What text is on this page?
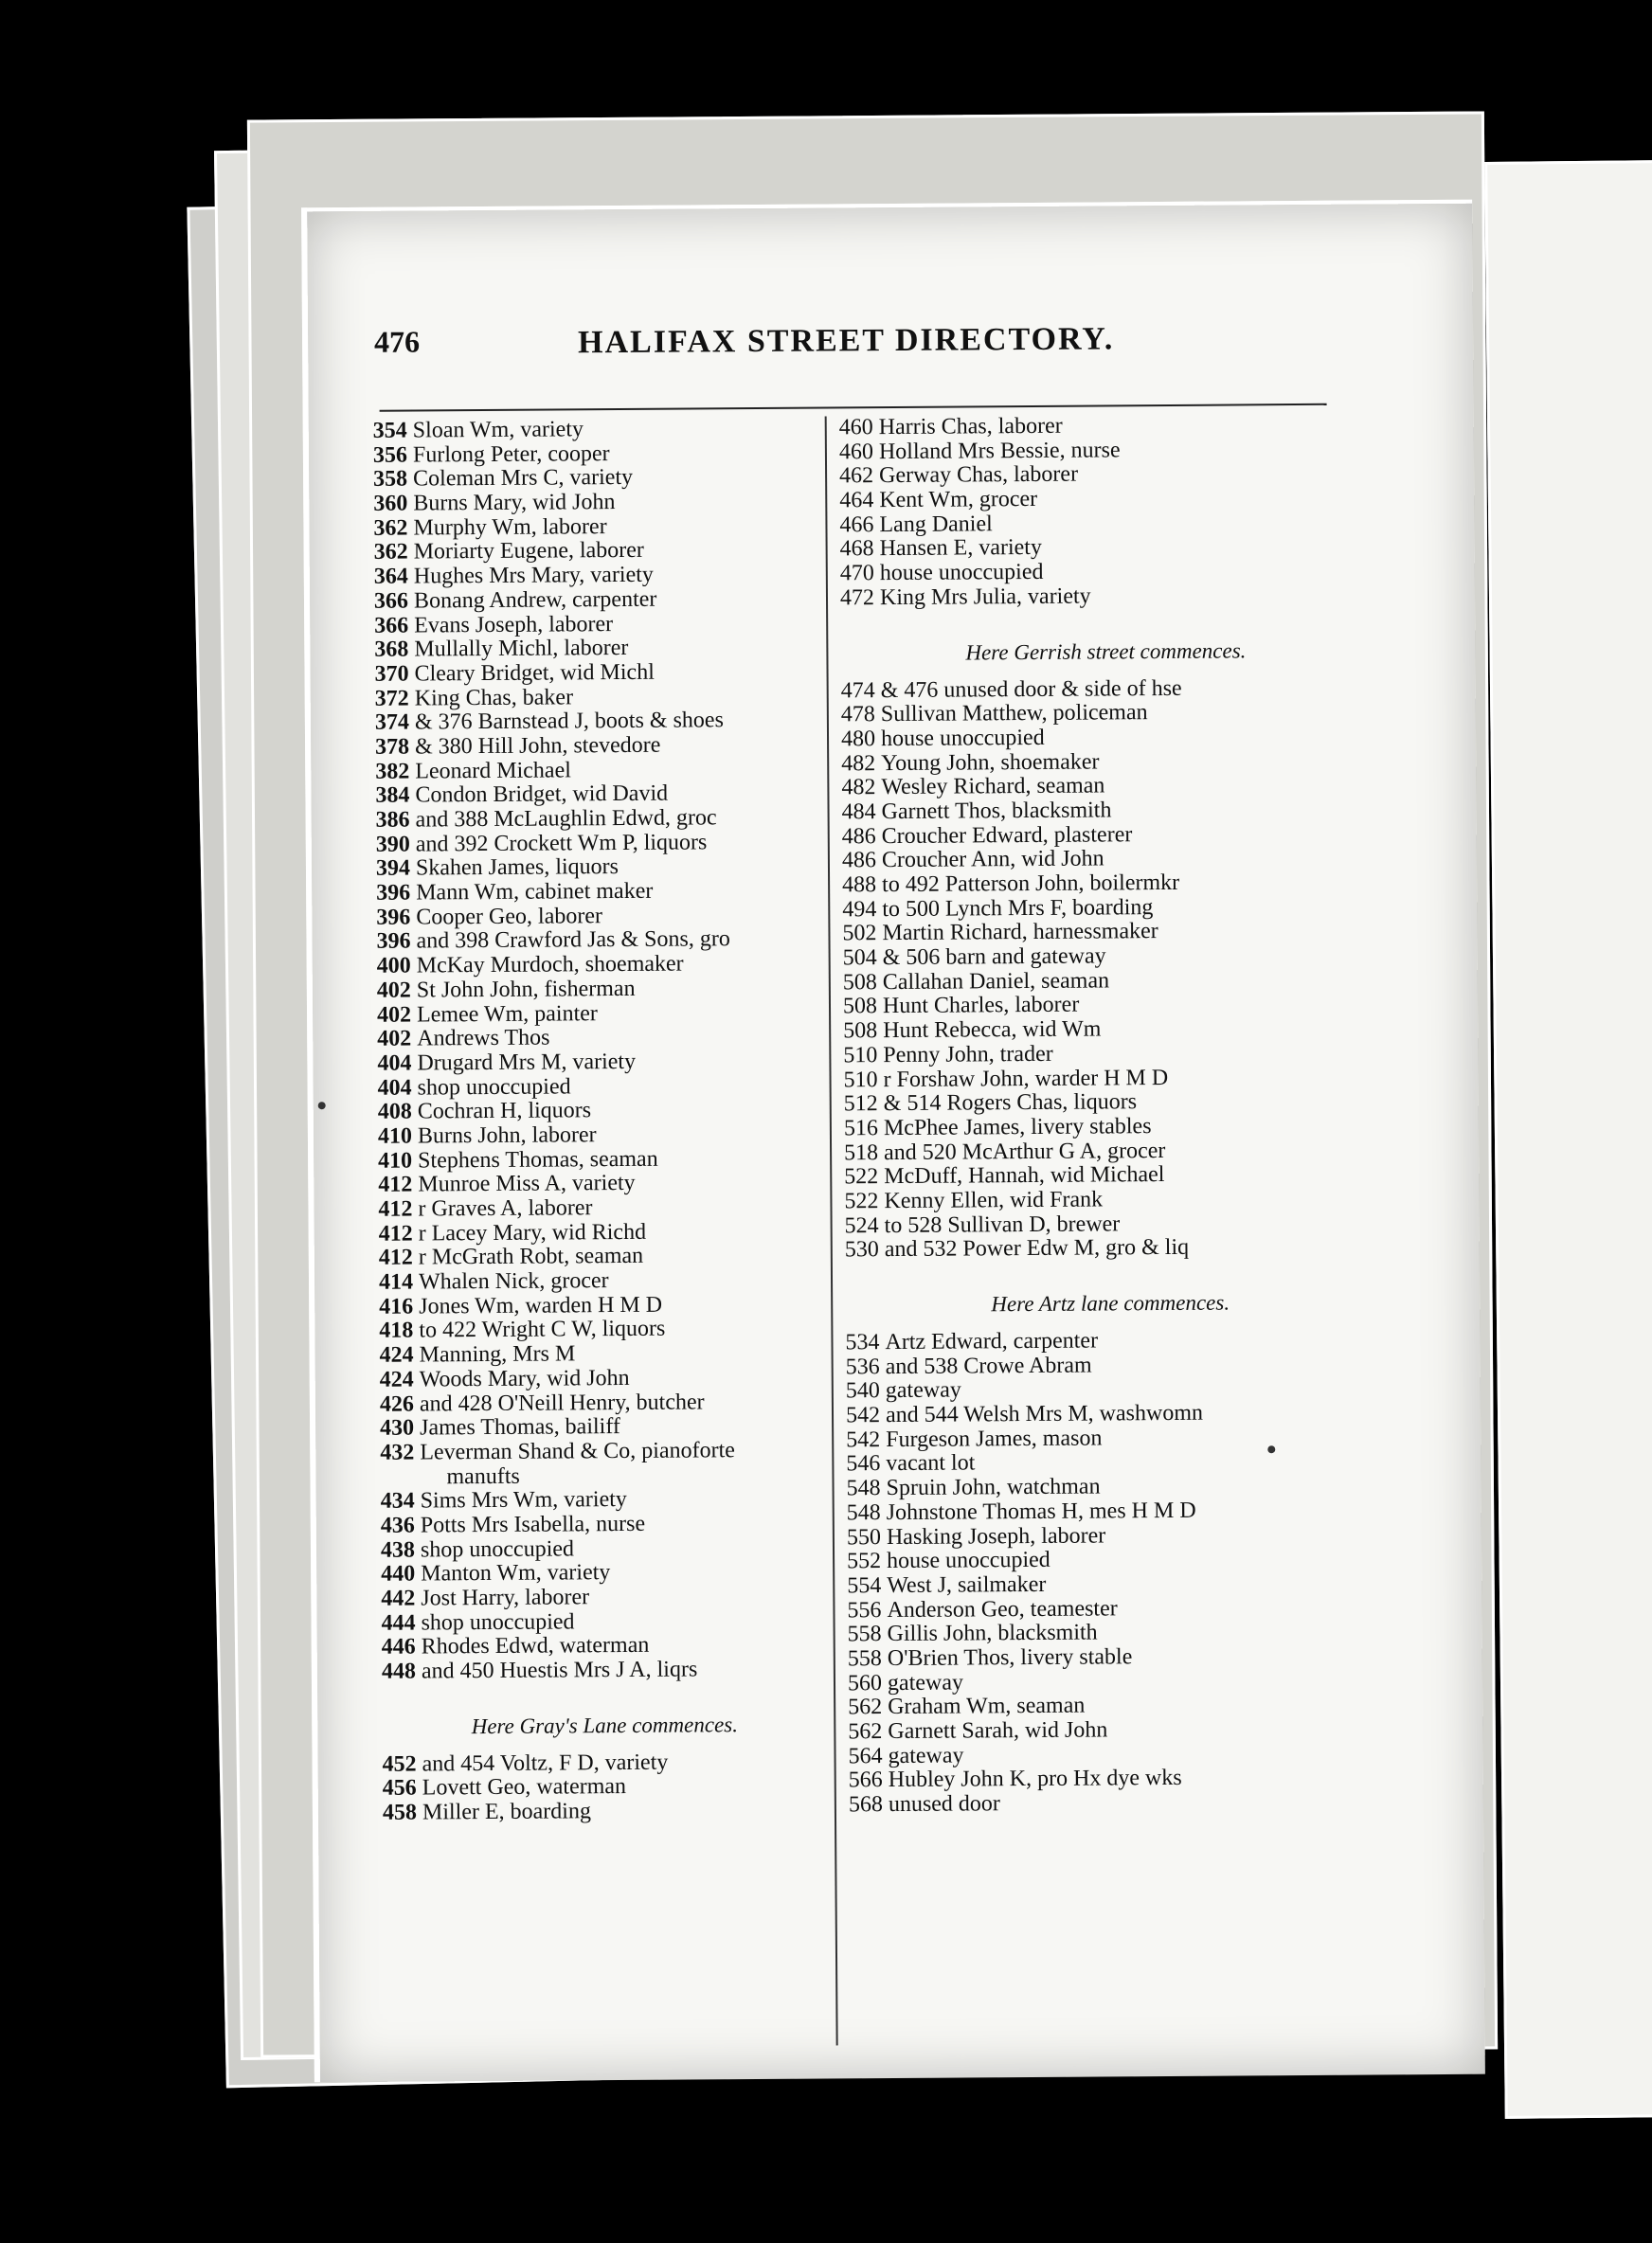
476	HALIFAX STREET DIRECTORY.
354 Sloan Wm, variety
356 Furlong Peter, cooper
358 Coleman Mrs C, variety
360 Burns Mary, wid John
362 Murphy Wm, laborer
362 Moriarty Eugene, laborer
364 Hughes Mrs Mary, variety
366 Bonang Andrew, carpenter
366 Evans Joseph, laborer
368 Mullally Michl, laborer
370 Cleary Bridget, wid Michl
372 King Chas, baker
374 & 376 Barnstead J, boots & shoes
378 & 380 Hill John, stevedore
382 Leonard Michael
384 Condon Bridget, wid David
386 and 388 McLaughlin Edwd, groc
390 and 392 Crockett Wm P, liquors
394 Skahen James, liquors
396 Mann Wm, cabinet maker
396 Cooper Geo, laborer
396 and 398 Crawford Jas & Sons, gro
400 McKay Murdoch, shoemaker
402 St John John, fisherman
402 Lemee Wm, painter
402 Andrews Thos
404 Drugard Mrs M, variety
404 shop unoccupied
408 Cochran H, liquors
410 Burns John, laborer
410 Stephens Thomas, seaman
412 Munroe Miss A, variety
412 r Graves A, laborer
412 r Lacey Mary, wid Richd
412 r McGrath Robt, seaman
414 Whalen Nick, grocer
416 Jones Wm, warden H M D
418 to 422 Wright C W, liquors
424 Manning, Mrs M
424 Woods Mary, wid John
426 and 428 O'Neill Henry, butcher
430 James Thomas, bailiff
432 Leverman Shand & Co, pianoforte
manufts
434 Sims Mrs Wm, variety
436 Potts Mrs Isabella, nurse
438 shop unoccupied
440 Manton Wm, variety
442 Jost Harry, laborer
444 shop unoccupied
446 Rhodes Edwd, waterman
448 and 450 Huestis Mrs J A, liqrs
Here Gray's Lane commences.
452 and 454 Voltz, F D, variety
456 Lovett Geo, waterman
458 Miller E, boarding
460 Harris Chas, laborer
460 Holland Mrs Bessie, nurse
462 Gerway Chas, laborer
464 Kent Wm, grocer
466 Lang Daniel
468 Hansen E, variety
470 house unoccupied
472 King Mrs Julia, variety
Here Gerrish street commences.
474 & 476 unused door & side of hse
478 Sullivan Matthew, policeman
480 house unoccupied
482 Young John, shoemaker
482 Wesley Richard, seaman
484 Garnett Thos, blacksmith
486 Croucher Edward, plasterer
486 Croucher Ann, wid John
488 to 492 Patterson John, boilermkr
494 to 500 Lynch Mrs F, boarding
502 Martin Richard, harnessmaker
504 & 506 barn and gateway
508 Callahan Daniel, seaman
508 Hunt Charles, laborer
508 Hunt Rebecca, wid Wm
510 Penny John, trader
510 r Forshaw John, warder H M D
512 & 514 Rogers Chas, liquors
516 McPhee James, livery stables
518 and 520 McArthur G A, grocer
522 McDuff, Hannah, wid Michael
522 Kenny Ellen, wid Frank
524 to 528 Sullivan D, brewer
530 and 532 Power Edw M, gro & liq
Here Artz lane commences.
534 Artz Edward, carpenter
536 and 538 Crowe Abram
540 gateway
542 and 544 Welsh Mrs M, washwomn
542 Furgeson James, mason
546 vacant lot
548 Spruin John, watchman
548 Johnstone Thomas H, mes H M D
550 Hasking Joseph, laborer
552 house unoccupied
554 West J, sailmaker
556 Anderson Geo, teamester
558 Gillis John, blacksmith
558 O'Brien Thos, livery stable
560 gateway
562 Graham Wm, seaman
562 Garnett Sarah, wid John
564 gateway
566 Hubley John K, pro Hx dye wks
568 unused door
